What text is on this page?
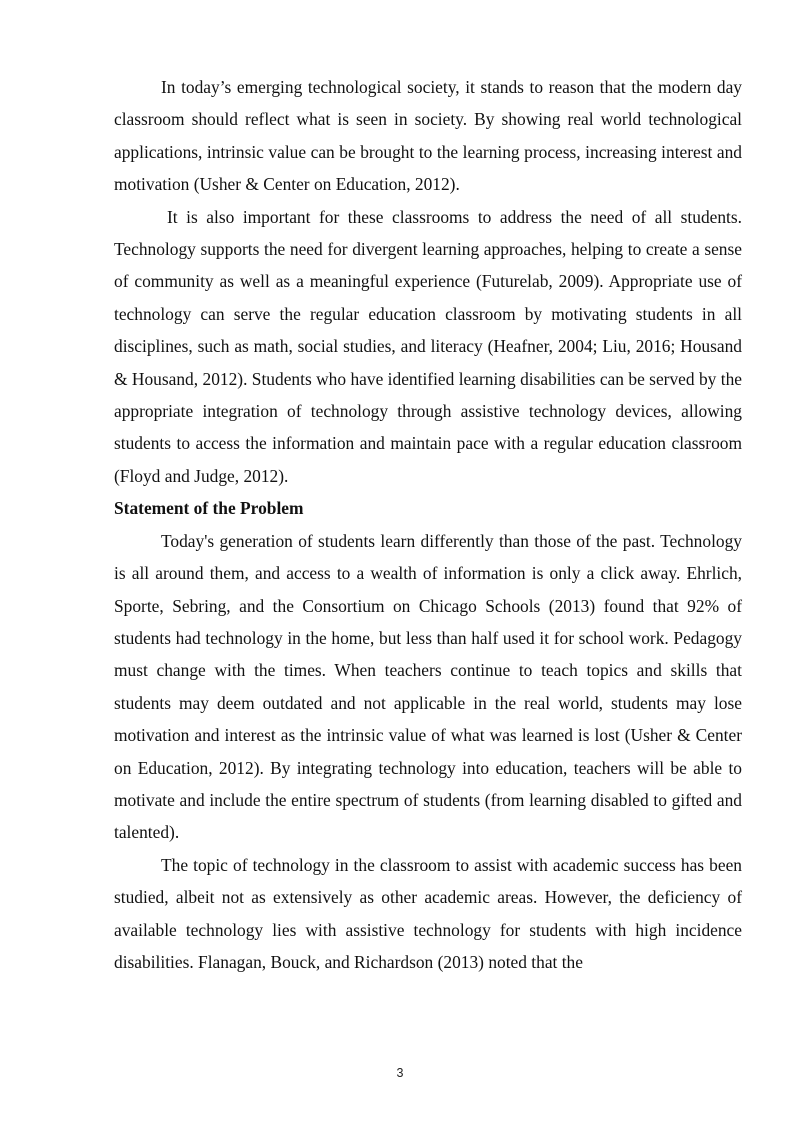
In today’s emerging technological society, it stands to reason that the modern day classroom should reflect what is seen in society. By showing real world technological applications, intrinsic value can be brought to the learning process, increasing interest and motivation (Usher & Center on Education, 2012).

It is also important for these classrooms to address the need of all students. Technology supports the need for divergent learning approaches, helping to create a sense of community as well as a meaningful experience (Futurelab, 2009). Appropriate use of technology can serve the regular education classroom by motivating students in all disciplines, such as math, social studies, and literacy (Heafner, 2004; Liu, 2016; Housand & Housand, 2012). Students who have identified learning disabilities can be served by the appropriate integration of technology through assistive technology devices, allowing students to access the information and maintain pace with a regular education classroom (Floyd and Judge, 2012).

Statement of the Problem

Today's generation of students learn differently than those of the past. Technology is all around them, and access to a wealth of information is only a click away. Ehrlich, Sporte, Sebring, and the Consortium on Chicago Schools (2013) found that 92% of students had technology in the home, but less than half used it for school work. Pedagogy must change with the times. When teachers continue to teach topics and skills that students may deem outdated and not applicable in the real world, students may lose motivation and interest as the intrinsic value of what was learned is lost (Usher & Center on Education, 2012). By integrating technology into education, teachers will be able to motivate and include the entire spectrum of students (from learning disabled to gifted and talented).

The topic of technology in the classroom to assist with academic success has been studied, albeit not as extensively as other academic areas. However, the deficiency of available technology lies with assistive technology for students with high incidence disabilities. Flanagan, Bouck, and Richardson (2013) noted that the

3
